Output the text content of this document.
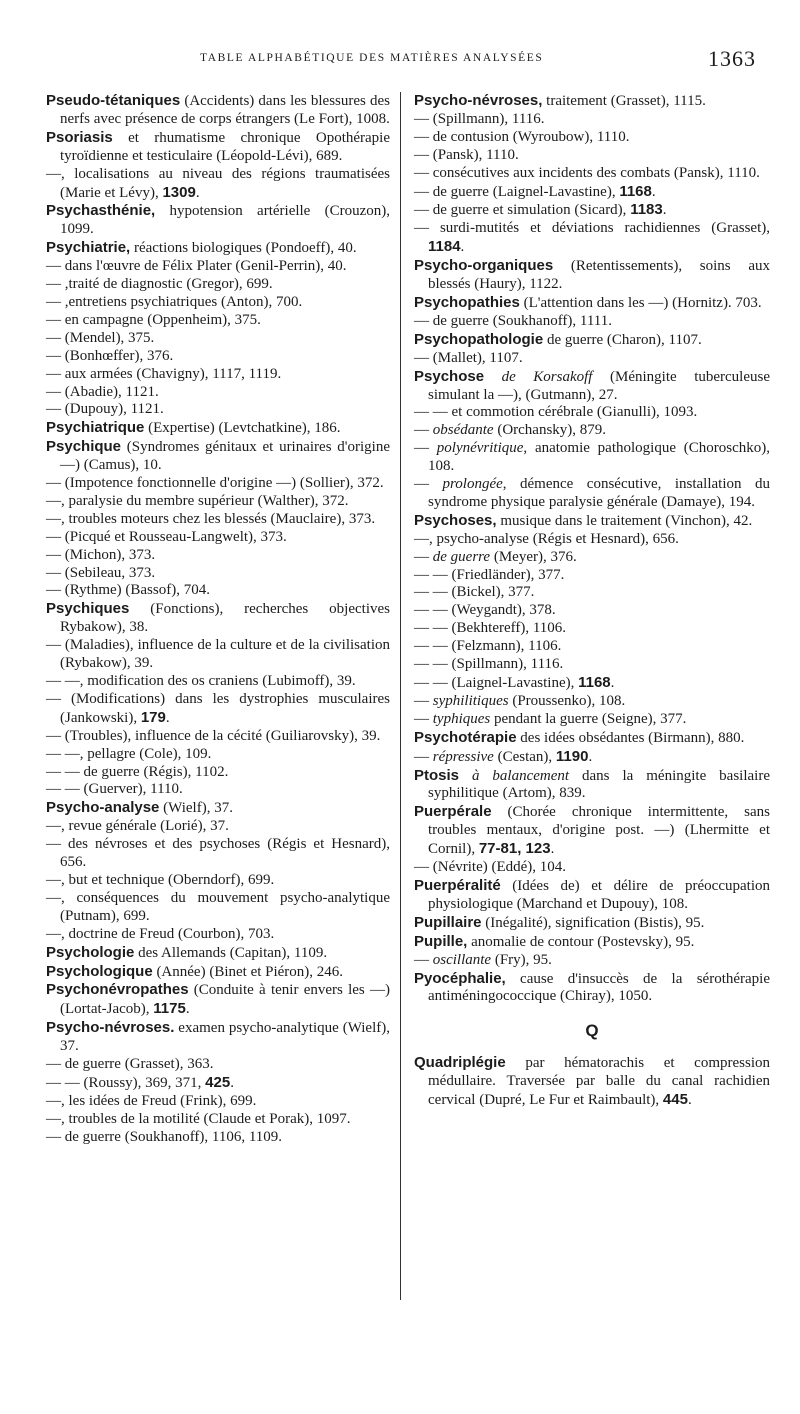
TABLE ALPHABÉTIQUE DES MATIÈRES ANALYSÉES	1363
Pseudo-tétaniques (Accidents) dans les blessures des nerfs avec présence de corps étrangers (Le Fort), 1008.
Psoriasis et rhumatisme chronique Opothérapie tyroïdienne et testiculaire (Léopold-Lévi), 689.
—, localisations au niveau des régions traumatisées (Marie et Lévy), 1309.
Psychasthénie, hypotension artérielle (Crouzon), 1099.
Psychiatrie, réactions biologiques (Pondoeff), 40.
— dans l'œuvre de Félix Plater (Genil-Perrin), 40.
— ,traité de diagnostic (Gregor), 699.
— ,entretiens psychiatriques (Anton), 700.
— en campagne (Oppenheim), 375.
— (Mendel), 375.
— (Bonhœffer), 376.
— aux armées (Chavigny), 1117, 1119.
— (Abadie), 1121.
— (Dupouy), 1121.
Psychiatrique (Expertise) (Levtchatkine), 186.
Psychique (Syndromes génitaux et urinaires d'origine —) (Camus), 10.
— (Impotence fonctionnelle d'origine —) (Sollier), 372.
—, paralysie du membre supérieur (Walther), 372.
—, troubles moteurs chez les blessés (Mauclaire), 373.
— (Picqué et Rousseau-Langwelt), 373.
— (Michon), 373.
— (Sebileau, 373.
— (Rythme) (Bassof), 704.
Psychiques (Fonctions), recherches objectives Rybakow), 38.
— (Maladies), influence de la culture et de la civilisation (Rybakow), 39.
— —, modification des os craniens (Lubimoff), 39.
— (Modifications) dans les dystrophies musculaires (Jankowski), 179.
— (Troubles), influence de la cécité (Guiliarovsky), 39.
— —, pellagre (Cole), 109.
— — de guerre (Régis), 1102.
— — (Guerver), 1110.
Psycho-analyse (Wielf), 37.
—, revue générale (Lorié), 37.
— des névroses et des psychoses (Régis et Hesnard), 656.
—, but et technique (Oberndorf), 699.
—, conséquences du mouvement psycho-analytique (Putnam), 699.
—, doctrine de Freud (Courbon), 703.
Psychologie des Allemands (Capitan), 1109.
Psychologique (Année) (Binet et Piéron), 246.
Psychonévropathes (Conduite à tenir envers les —) (Lortat-Jacob), 1175.
Psycho-névroses. examen psycho-analytique (Wielf), 37.
— de guerre (Grasset), 363.
— — (Roussy), 369, 371, 425.
—, les idées de Freud (Frink), 699.
—, troubles de la motilité (Claude et Porak), 1097.
— de guerre (Soukhanoff), 1106, 1109.
Psycho-névroses, traitement (Grasset), 1115.
— (Spillmann), 1116.
— de contusion (Wyroubow), 1110.
— (Pansk), 1110.
— consécutives aux incidents des combats (Pansk), 1110.
— de guerre (Laignel-Lavastine), 1168.
— de guerre et simulation (Sicard), 1183.
— surdi-mutités et déviations rachidiennes (Grasset), 1184.
Psycho-organiques (Retentissements), soins aux blessés (Haury), 1122.
Psychopathies (L'attention dans les —) (Hornitz). 703.
— de guerre (Soukhanoff), 1111.
Psychopathologie de guerre (Charon), 1107.
— (Mallet), 1107.
Psychose de Korsakoff (Méningite tuberculeuse simulant la —), (Gutmann), 27.
— — et commotion cérébrale (Gianulli), 1093.
— obsédante (Orchansky), 879.
— polynévritique, anatomie pathologique (Choroschko), 108.
— prolongée, démence consécutive, installation du syndrome physique paralysie générale (Damaye), 194.
Psychoses, musique dans le traitement (Vinchon), 42.
—, psycho-analyse (Régis et Hesnard), 656.
— de guerre (Meyer), 376.
— — (Friedländer), 377.
— — (Bickel), 377.
— — (Weygandt), 378.
— — (Bekhtereff), 1106.
— — (Felzmann), 1106.
— — (Spillmann), 1116.
— — (Laignel-Lavastine), 1168.
— syphilitiques (Proussenko), 108.
— typhiques pendant la guerre (Seigne), 377.
Psychotérapie des idées obsédantes (Birmann), 880.
— répressive (Cestan), 1190.
Ptosis à balancement dans la méningite basilaire syphilitique (Artom), 839.
Puerpérale (Chorée chronique intermittente, sans troubles mentaux, d'origine post. —) (Lhermitte et Cornil), 77-81, 123.
— (Névrite) (Eddé), 104.
Puerpéralité (Idées de) et délire de préoccupation physiologique (Marchand et Dupouy), 108.
Pupillaire (Inégalité), signification (Bistis), 95.
Pupille, anomalie de contour (Postevsky), 95.
— oscillante (Fry), 95.
Pyocéphalie, cause d'insuccès de la sérothérapie antiméningococcique (Chiray), 1050.
Q
Quadriplégie par hématorachis et compression médullaire. Traversée par balle du canal rachidien cervical (Dupré, Le Fur et Raimbault), 445.
